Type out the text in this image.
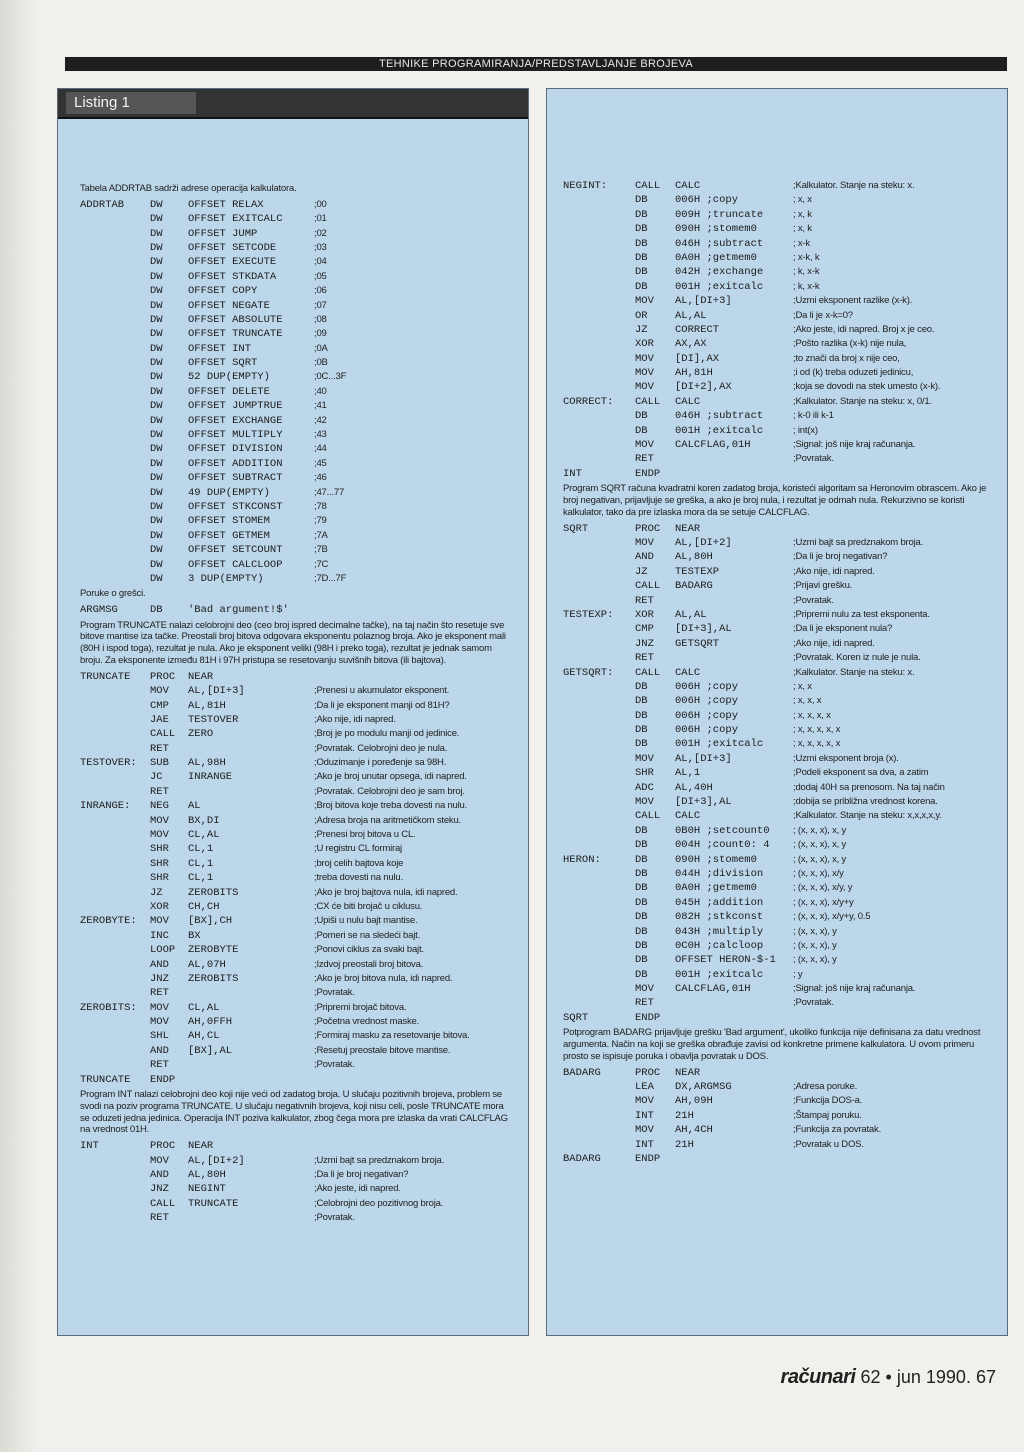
TEHNIKE PROGRAMIRANJA/PREDSTAVLJANJE BROJEVA
Listing 1
Tabela ADDRTAB sadrži adrese operacija kalkulatora.
ADDRTAB DW OFFSET RELAX	;00
DW OFFSET EXITCALC	;01
DW OFFSET JUMP	;02
DW OFFSET SETCODE	;03
DW OFFSET EXECUTE	;04
DW OFFSET STKDATA	;05
DW OFFSET COPY	;06
DW OFFSET NEGATE	;07
DW OFFSET ABSOLUTE	;08
DW OFFSET TRUNCATE	;09
DW OFFSET INT	;0A
DW OFFSET SQRT	;0B
DW 52 DUP(EMPTY)	;0C...3F
DW OFFSET DELETE	;40
DW OFFSET JUMPTRUE	;41
DW OFFSET EXCHANGE	;42
DW OFFSET MULTIPLY	;43
DW OFFSET DIVISION	;44
DW OFFSET ADDITION	;45
DW OFFSET SUBTRACT	;46
DW 49 DUP(EMPTY)	;47...77
DW OFFSET STKCONST	;78
DW OFFSET STOMEM	;79
DW OFFSET GETMEM	;7A
DW OFFSET SETCOUNT	;7B
DW OFFSET CALCLOOP	;7C
DW 3 DUP(EMPTY)	;7D...7F
Poruke o grešci.
ARGMSG	DB 'Bad argument!$'
Program TRUNCATE nalazi celobrojni deo (ceo broj ispred decimalne tačke), na taj način što resetuje sve bitove mantise iza tačke. Preostali broj bitova odgovara eksponentu polaznog broja. Ako je eksponent mali (80H i ispod toga), rezultat je nula. Ako je eksponent veliki (98H i preko toga), rezultat je jednak samom broju. Za eksponente između 81H i 97H pristupa se resetovanju suvišnih bitova (ili bajtova).
TRUNCATE PROC NEAR
MOV AL,[DI+3]	;Prenesi u akumulator eksponent.
CMP AL,81H	;Da li je eksponent manji od 81H?
JAE TESTOVER	;Ako nije, idi napred.
CALL ZERO	;Broj je po modulu manji od jedinice.
RET	;Povratak. Celobrojni deo je nula.
TESTOVER: SUB AL,98H	;Oduzimanje i poređenje sa 98H.
JC INRANGE	;Ako je broj unutar opsega, idi napred.
RET	;Povratak. Celobrojni deo je sam broj.
INRANGE: NEG AL	;Broj bitova koje treba dovesti na nulu.
MOV BX,DI	;Adresa broja na aritmetičkom steku.
MOV CL,AL	;Prenesi broj bitova u CL.
SHR CL,1	;U registru CL formiraj
SHR CL,1	;broj celih bajtova koje
SHR CL,1	;treba dovesti na nulu.
JZ ZEROBITS	;Ako je broj bajtova nula, idi napred.
XOR CH,CH	;CX će biti brojač u ciklusu.
ZEROBYTE: MOV [BX],CH	;Upiši u nulu bajt mantise.
INC BX	;Pomeri se na sledeći bajt.
LOOP ZEROBYTE	;Ponovi ciklus za svaki bajt.
AND AL,07H	;Izdvoj preostali broj bitova.
JNZ ZEROBITS	;Ako je broj bitova nula, idi napred.
RET	;Povratak.
ZEROBITS: MOV CL,AL	;Pripremi brojač bitova.
MOV AH,0FFH	;Početna vrednost maske.
SHL AH,CL	;Formiraj masku za resetovanje bitova.
AND [BX],AL	;Resetuj preostale bitove mantise.
RET	;Povratak.
TRUNCATE ENDP
Program INT nalazi celobrojni deo koji nije veći od zadatog broja. U slučaju pozitivnih brojeva, problem se svodi na poziv programa TRUNCATE. U slučaju negativnih brojeva, koji nisu celi, posle TRUNCATE mora se oduzeti jedna jedinica. Operacija INT poziva kalkulator, zbog čega mora pre izlaska da vrati CALCFLAG na vrednost 01H.
INT	PROC NEAR
MOV AL,[DI+2]	;Uzmi bajt sa predznakom broja.
AND AL,80H	;Da li je broj negativan?
JNZ NEGINT	;Ako jeste, idi napred.
CALL TRUNCATE	;Celobrojni deo pozitivnog broja.
RET	;Povratak.
NEGINT:	CALL CALC	;Kalkulator. Stanje na steku: x.
DB	006H ;copy	; x, x
DB	009H ;truncate	; x, k
DB	090H ;stomem0	; x, k
DB	046H ;subtract	; x-k
DB	0A0H ;getmem0	; x-k, k
DB	042H ;exchange	; k, x-k
DB	001H ;exitcalc	; k, x-k
MOV AL,[DI+3]	;Uzmi eksponent razlike (x-k).
OR	AL,AL	;Da li je x-k=0?
JZ	CORRECT	;Ako jeste, idi napred. Broj x je ceo.
XOR AX,AX	;Pošto razlika (x-k) nije nula,
MOV [DI],AX	;to znači da broj x nije ceo,
MOV AH,81H	;i od (k) treba oduzeti jedinicu,
MOV [DI+2],AX	;koja se dovodi na stek umesto (x-k).
CORRECT: CALL CALC	;Kalkulator. Stanje na steku: x, 0/1.
DB	046H ;subtract	; k-0 ili k-1
DB	001H ;exitcalc	; int(x)
MOV CALCFLAG,01H	;Signal: još nije kraj računanja.
RET	;Povratak.
INT	ENDP
Program SQRT računa kvadratni koren zadatog broja, koristeći algoritam sa Heronovim obrascem. Ako je broj negativan, prijavljuje se greška, a ako je broj nula, i rezultat je odmah nula. Rekurzivno se koristi kalkulator, tako da pre izlaska mora da se setuje CALCFLAG.
SQRT	PROC NEAR
MOV AL,[DI+2]	;Uzmi bajt sa predznakom broja.
AND AL,80H	;Da li je broj negativan?
JZ	TESTEXP	;Ako nije, idi napred.
CALL BADARG	;Prijavi grešku.
RET	;Povratak.
TESTEXP: XOR AL,AL	;Pripremi nulu za test eksponenta.
CMP [DI+3],AL	;Da li je eksponent nula?
JNZ GETSQRT	;Ako nije, idi napred.
RET	;Povratak. Koren iz nule je nula.
GETSQRT: CALL CALC	;Kalkulator. Stanje na steku: x.
DB	006H ;copy	; x, x
DB	006H ;copy	; x, x, x
DB	006H ;copy	; x, x, x, x
DB	006H ;copy	; x, x, x, x, x
DB	001H ;exitcalc	; x, x, x, x, x
MOV AL,[DI+3]	;Uzmi eksponent broja (x).
SHR AL,1	;Podeli eksponent sa dva, a zatim
ADC AL,40H	;dodaj 40H sa prenosom. Na taj način
MOV [DI+3],AL	;dobija se približna vrednost korena.
CALL CALC	;Kalkulator. Stanje na steku: x,x,x,x,y.
DB	0B0H ;setcount0 ; (x, x, x), x, y
DB	004H ;count0: 4 ; (x, x, x), x, y
HERON:	DB	090H ;stomem0	; (x, x, x), x, y
DB	044H ;division	; (x, x, x), x/y
DB	0A0H ;getmem0	; (x, x, x), x/y, y
DB	045H ;addition	; (x, x, x), x/y+y
DB	082H ;stkconst	; (x, x, x), x/y+y, 0.5
DB	043H ;multiply	; (x, x, x), y
DB	0C0H ;calcloop	; (x, x, x), y
DB	OFFSET HERON-$-1 ; (x, x, x), y
DB	001H ;exitcalc	; y
MOV CALCFLAG,01H	;Signal: još nije kraj računanja.
RET	;Povratak.
SQRT	ENDP
Potprogram BADARG prijavljuje grešku 'Bad argument', ukoliko funkcija nije definisana za datu vrednost argumenta. Način na koji se greška obrađuje zavisi od konkretne primene kalkulatora. U ovom primeru prosto se ispisuje poruka i obavlja povratak u DOS.
BADARG	PROC NEAR
LEA DX,ARGMSG	;Adresa poruke.
MOV AH,09H	;Funkcija DOS-a.
INT 21H	;Štampaj poruku.
MOV AH,4CH	;Funkcija za povratak.
INT 21H	;Povratak u DOS.
BADARG	ENDP
računari 62 • jun 1990. 67
